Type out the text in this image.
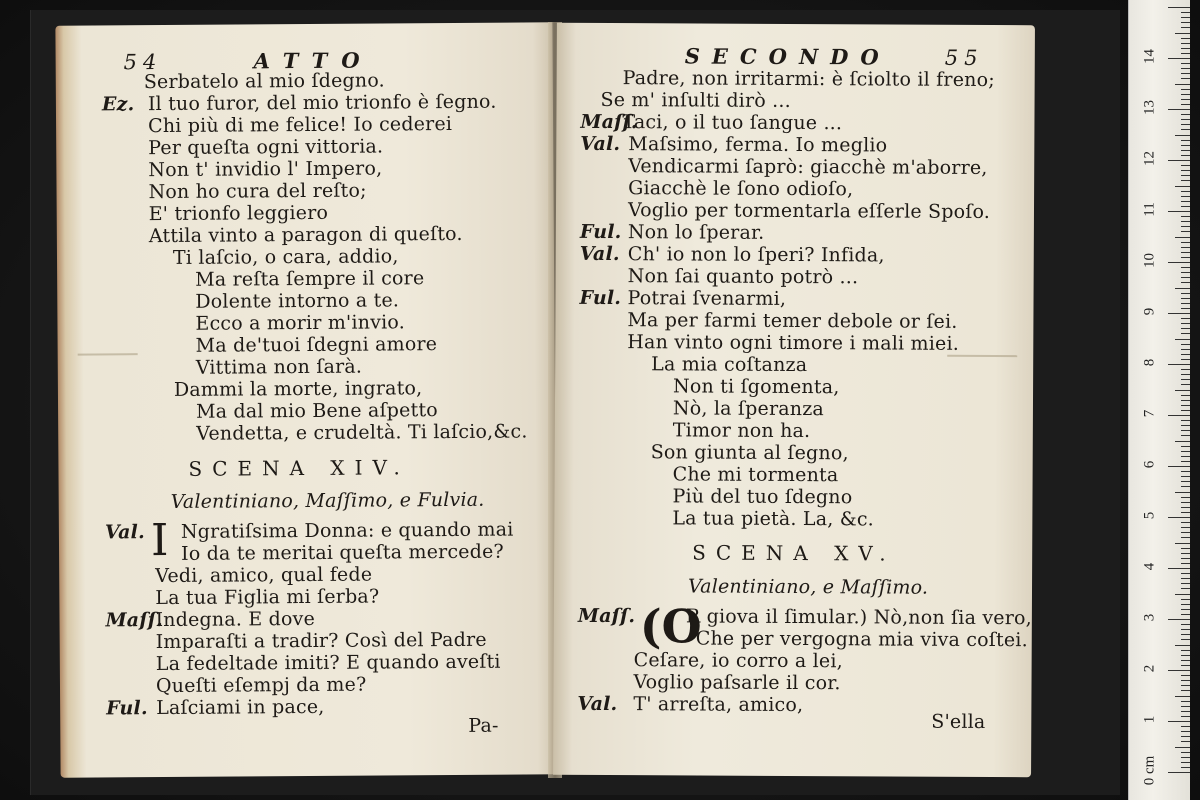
54	ATTO
Serbatelo al mio ſdegno.
Ez. Il tuo furor, del mio trionfo è ſegno.
Chi più di me felice! Io cederei
Per queſta ogni vittoria.
Non t' invidio l' Impero,
Non ho cura del reſto;
E' trionfo leggiero
Attila vinto a paragon di queſto.
Ti laſcio, o cara, addio,
Ma reſta ſempre il core
Dolente intorno a te.
Ecco a morir m'invio.
Ma de'tuoi ſdegni amore
Vittima non ſarà.
Dammi la morte, ingrato,
Ma dal mio Bene aſpetto
Vendetta, e crudeltà. Ti laſcio,&c.
SCENA XIV.
Valentiniano, Maſſimo, e Fulvia.
I
Val. Ngratiſsima Donna: e quando mai
Io da te meritai queſta mercede?
Vedi, amico, qual fede
La tua Figlia mi ſerba?
Maſſ.
Indegna. E dove
Imparaſti a tradir? Così del Padre
La fedeltade imiti? E quando aveſti
Queſti eſempj da me?
Ful. Laſciami in pace,
Pa-
SECONDO	55
Padre, non irritarmi: è ſciolto il freno;
Se m' inſulti dirò ...
Maſſ.
Taci, o il tuo ſangue ...
Val. Maſsimo, ferma. Io meglio
Vendicarmi ſaprò: giacchè m'aborre,
Giacchè le ſono odioſo,
Voglio per tormentarla eſſerle Spoſo.
Ful. Non lo ſperar.
Val. Ch' io non lo ſperi? Infida,
Non ſai quanto potrò ...
Ful. Potrai ſvenarmi,
Ma per farmi temer debole or ſei.
Han vinto ogni timore i mali miei.
La mia coſtanza
Non ti ſgomenta,
Nò, la ſperanza
Timor non ha.
Son giunta al ſegno,
Che mi tormenta
Più del tuo ſdegno
La tua pietà. La, &c.
SCENA XV.
Valentiniano, e Maſſimo.
(O
Maſſ.	R giova il ſimular.) Nò,non ſia vero,
Che per vergogna mia viva coſtei.
Ceſare, io corro a lei,
Voglio paſsarle il cor.
Val. T' arreſta, amico,
S'ella
0 cm
1
2
3
4
5
6
7
8
9
10
11
12
13
14
